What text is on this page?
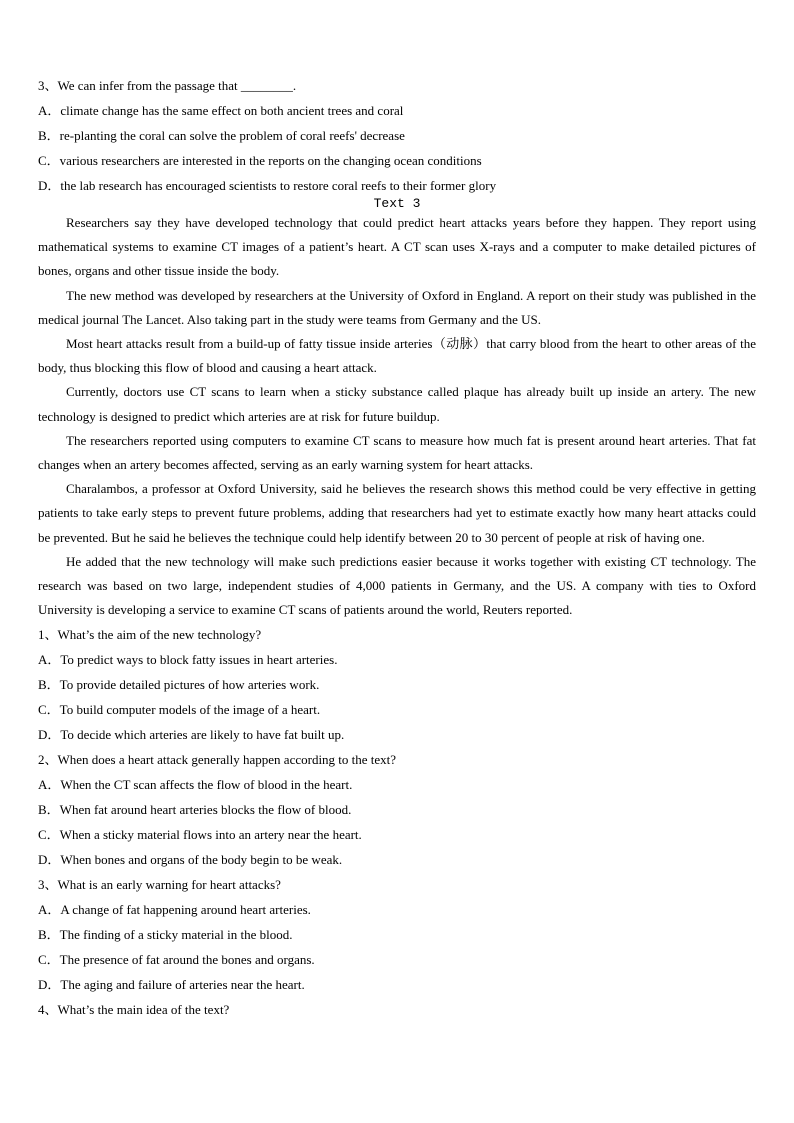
3、We can infer from the passage that ________.
A．climate change has the same effect on both ancient trees and coral
B．re-planting the coral can solve the problem of coral reefs' decrease
C．various researchers are interested in the reports on the changing ocean conditions
D．the lab research has encouraged scientists to restore coral reefs to their former glory
Text 3

Researchers say they have developed technology that could predict heart attacks years before they happen. They report using mathematical systems to examine CT images of a patient’s heart. A CT scan uses X-rays and a computer to make detailed pictures of bones, organs and other tissue inside the body.

The new method was developed by researchers at the University of Oxford in England. A report on their study was published in the medical journal The Lancet. Also taking part in the study were teams from Germany and the US.

Most heart attacks result from a build-up of fatty tissue inside arteries（动脉）that carry blood from the heart to other areas of the body, thus blocking this flow of blood and causing a heart attack.

Currently, doctors use CT scans to learn when a sticky substance called plaque has already built up inside an artery. The new technology is designed to predict which arteries are at risk for future buildup.

The researchers reported using computers to examine CT scans to measure how much fat is present around heart arteries. That fat changes when an artery becomes affected, serving as an early warning system for heart attacks.

Charalambos, a professor at Oxford University, said he believes the research shows this method could be very effective in getting patients to take early steps to prevent future problems, adding that researchers had yet to estimate exactly how many heart attacks could be prevented. But he said he believes the technique could help identify between 20 to 30 percent of people at risk of having one.

He added that the new technology will make such predictions easier because it works together with existing CT technology. The research was based on two large, independent studies of 4,000 patients in Germany, and the US. A company with ties to Oxford University is developing a service to examine CT scans of patients around the world, Reuters reported.

1、What’s the aim of the new technology?
A．To predict ways to block fatty issues in heart arteries.
B．To provide detailed pictures of how arteries work.
C．To build computer models of the image of a heart.
D．To decide which arteries are likely to have fat built up.
2、When does a heart attack generally happen according to the text?
A．When the CT scan affects the flow of blood in the heart.
B．When fat around heart arteries blocks the flow of blood.
C．When a sticky material flows into an artery near the heart.
D．When bones and organs of the body begin to be weak.
3、What is an early warning for heart attacks?
A．A change of fat happening around heart arteries.
B．The finding of a sticky material in the blood.
C．The presence of fat around the bones and organs.
D．The aging and failure of arteries near the heart.
4、What’s the main idea of the text?
